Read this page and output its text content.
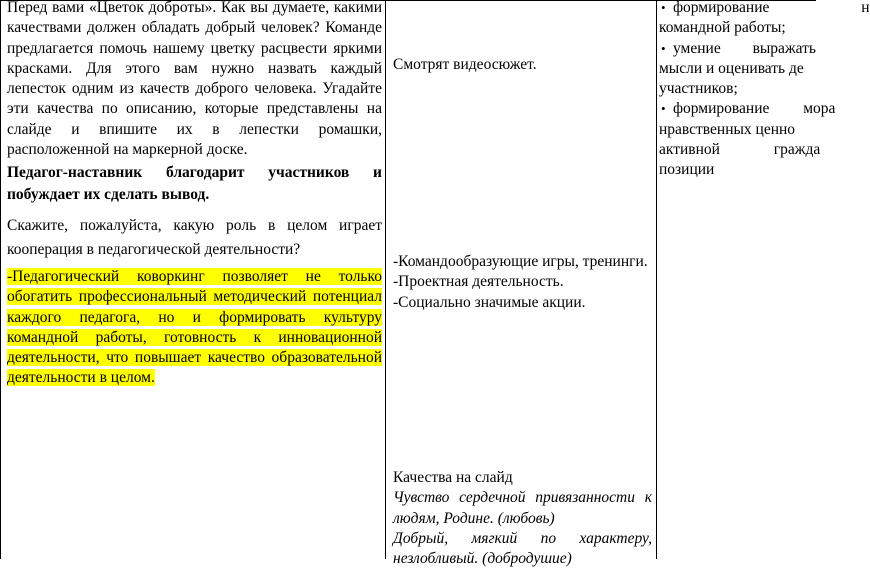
Перед вами «Цветок доброты». Как вы думаете, какими

качествами должен обладать добрый человек? Команде

предлагается помочь нашему цветку расцвести яркими

красками. Для этого вам нужно назвать каждый

лепесток одним из качеств доброго человека. Угадайте

эти качества по описанию, которые представлены на

слайде и впишите их в лепестки ромашки,

расположенной на маркерной доске.

Педагог-наставник благодарит участников и

побуждает их сделать вывод.

Скажите, пожалуйста, какую роль в целом играет

кооперация в педагогической деятельности?

-Педагогический коворкинг позволяет не только

обогатить профессиональный методический потенциал

каждого педагога, но и формировать культуру

командной работы, готовность к инновационной

деятельности, что повышает качество образовательной

деятельности в целом.

Смотрят видеосюжет.

-Командообразующие игры, тренинги.

-Проектная деятельность.

-Социально значимые акции.

Качества на слайд

Чувство сердечной привязанности к

людям, Родине. (любовь)

Добрый, мягкий по характеру,

незлобливый. (добродушие)

• формирование н
командной работы;
• умение выражать
мысли и оценивать де
участников;
• формирование мора
нравственных ценно
активной гражда
позиции
